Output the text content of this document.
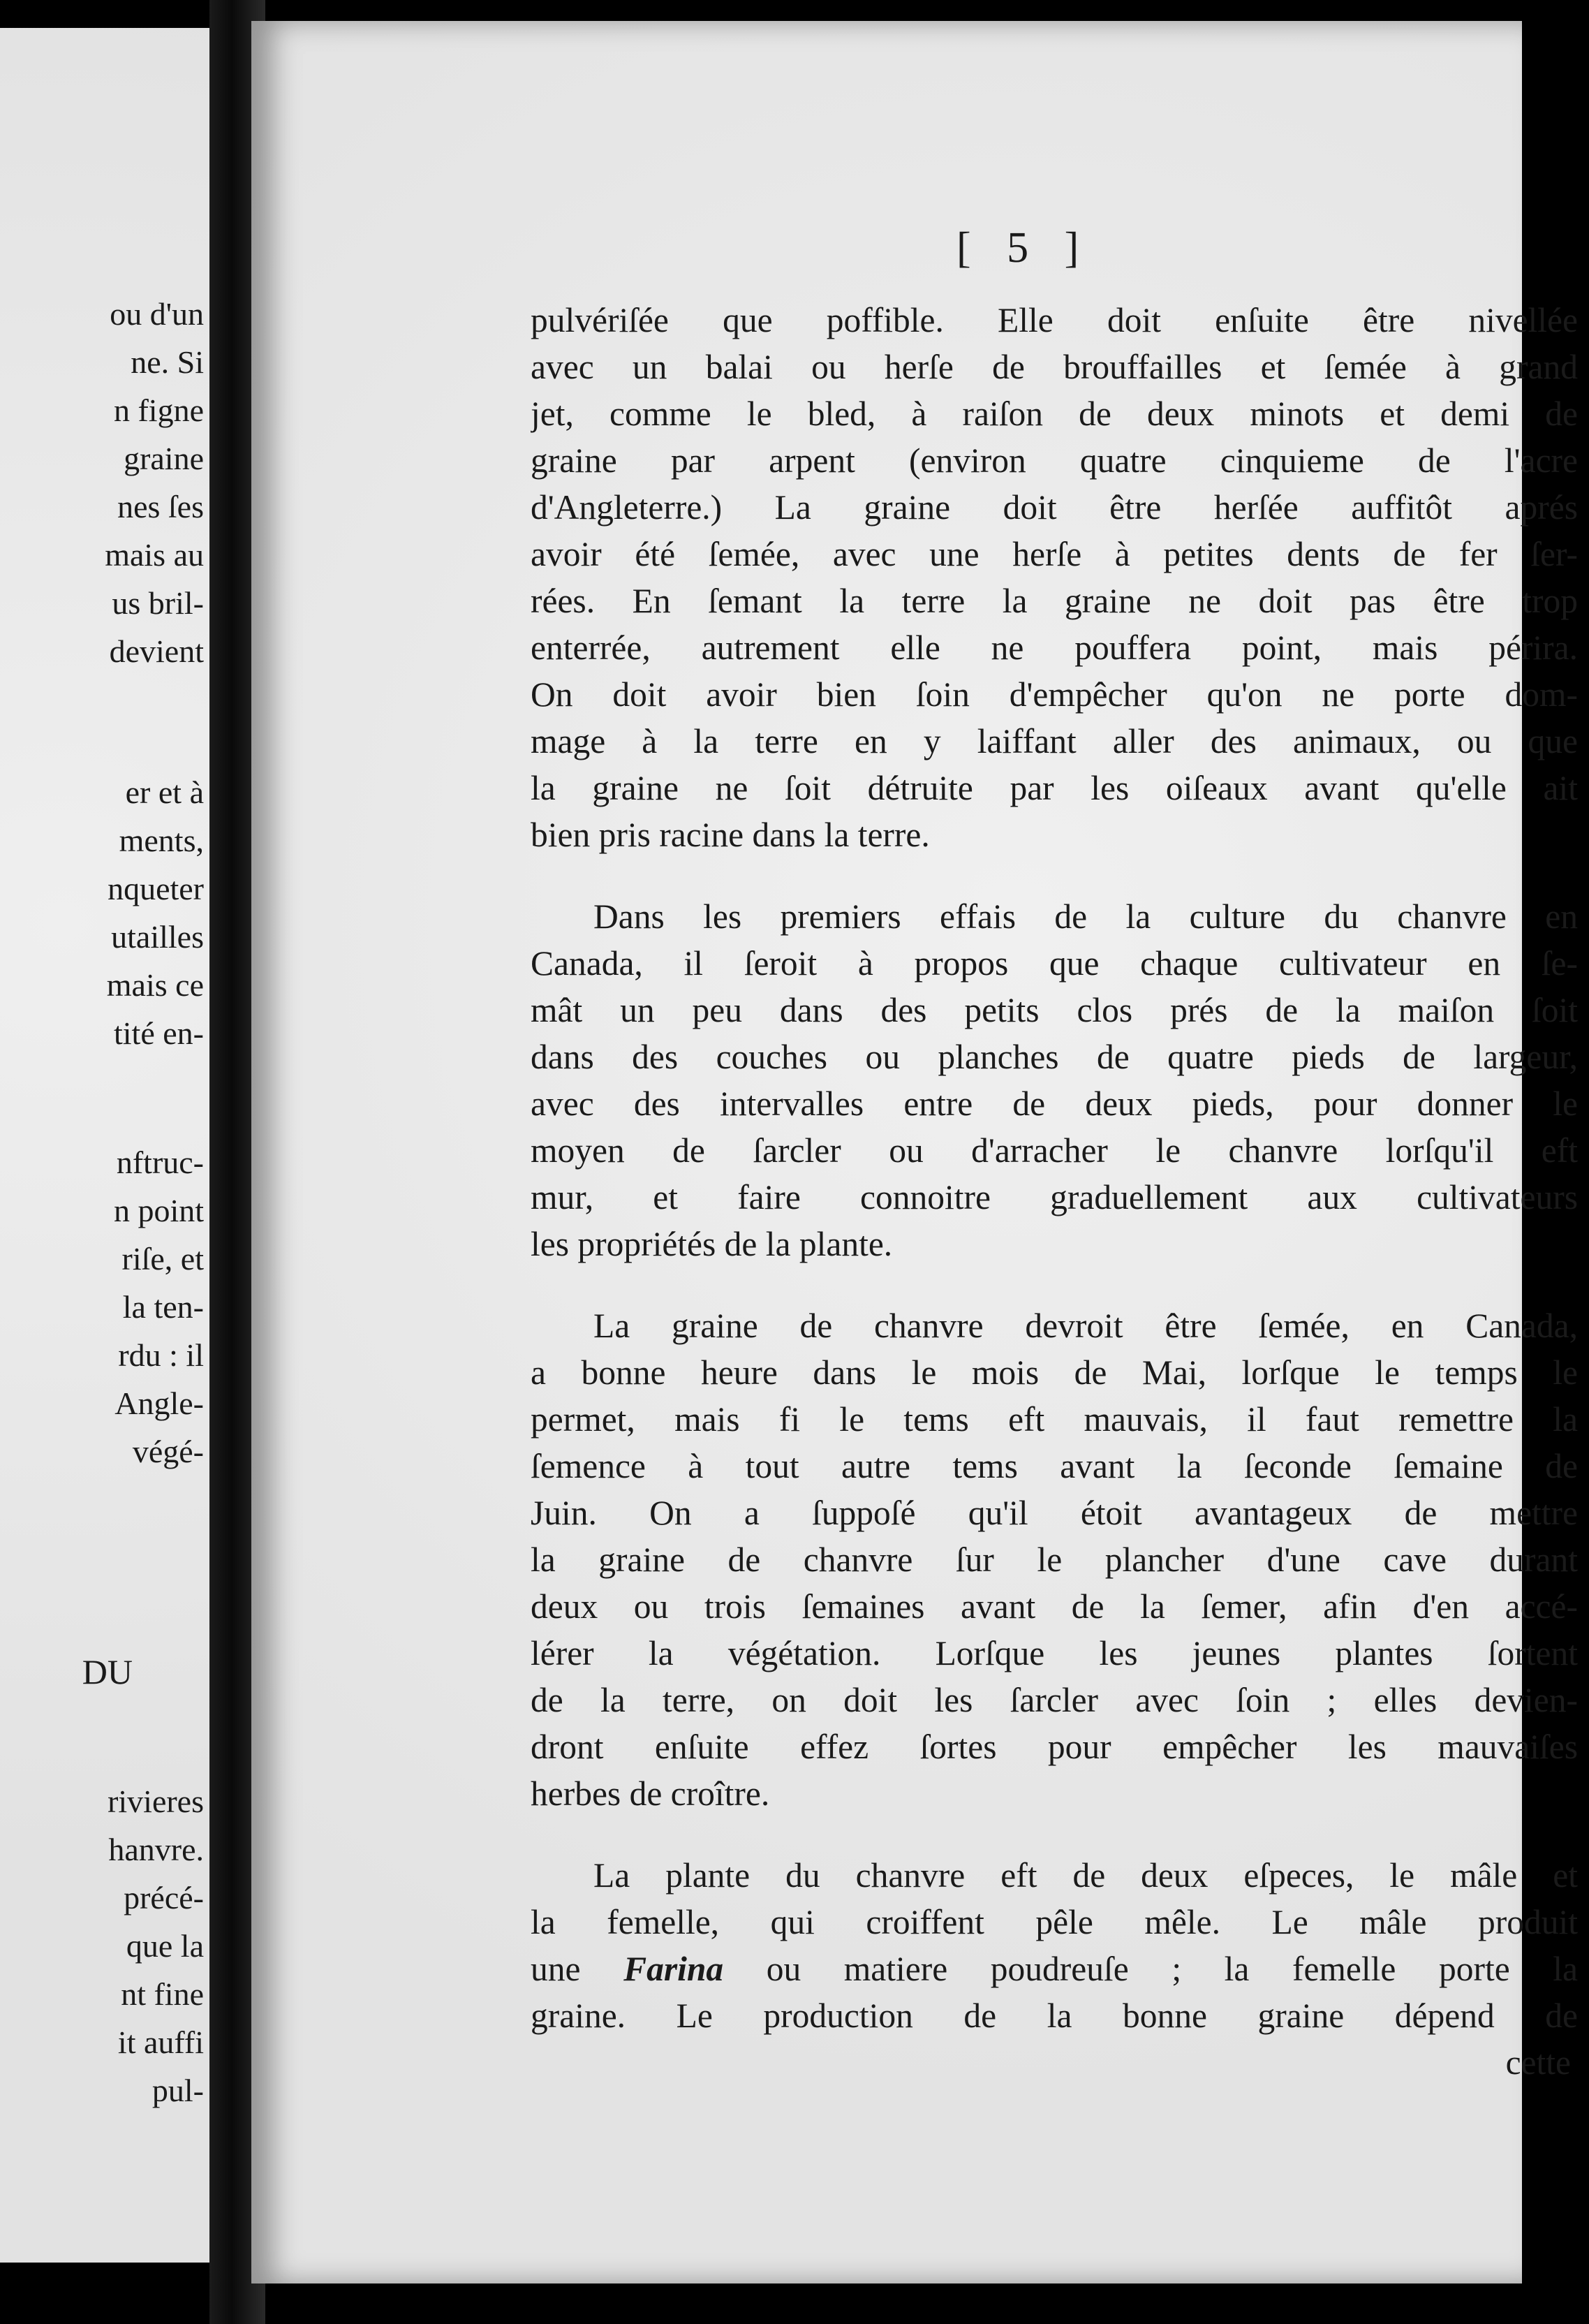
ou d'un
ne. Si
n figne
graine
nes ſes
mais au
us bril-
devient
er et à
ments,
nqueter
utailles
mais ce
tité en-
nftruc-
n point
riſe, et
la ten-
rdu : il
Angle-
végé-
DU
rivieres
hanvre.
précé-
que la
nt fine
it auffi
pul-
[ 5 ]
pulvériſée que poffible. Elle doit enſuite être nivellée
avec un balai ou herſe de brouffailles et ſemée à grand
jet, comme le bled, à raiſon de deux minots et demi de
graine par arpent (environ quatre cinquieme de l'acre
d'Angleterre.) La graine doit être herſée auffitôt aprés
avoir été ſemée, avec une herſe à petites dents de fer ſer-
rées. En ſemant la terre la graine ne doit pas être trop
enterrée, autrement elle ne pouffera point, mais périra.
On doit avoir bien ſoin d'empêcher qu'on ne porte dom-
mage à la terre en y laiffant aller des animaux, ou que
la graine ne ſoit détruite par les oiſeaux avant qu'elle ait
bien pris racine dans la terre.
Dans les premiers effais de la culture du chanvre en
Canada, il ſeroit à propos que chaque cultivateur en ſe-
mât un peu dans des petits clos prés de la maiſon ſoit
dans des couches ou planches de quatre pieds de largeur,
avec des intervalles entre de deux pieds, pour donner le
moyen de ſarcler ou d'arracher le chanvre lorſqu'il eft
mur, et faire connoitre graduellement aux cultivateurs
les propriétés de la plante.
La graine de chanvre devroit être ſemée, en Canada,
a bonne heure dans le mois de Mai, lorſque le temps le
permet, mais fi le tems eft mauvais, il faut remettre la
ſemence à tout autre tems avant la ſeconde ſemaine de
Juin. On a ſuppoſé qu'il étoit avantageux de mettre
la graine de chanvre ſur le plancher d'une cave durant
deux ou trois ſemaines avant de la ſemer, afin d'en accé-
lérer la végétation. Lorſque les jeunes plantes ſortent
de la terre, on doit les ſarcler avec ſoin ; elles devien-
dront enſuite effez ſortes pour empêcher les mauvaiſes
herbes de croître.
La plante du chanvre eft de deux eſpeces, le mâle et
la femelle, qui croiffent pêle mêle. Le mâle produit
une Farina ou matiere poudreuſe ; la femelle porte la
graine. Le production de la bonne graine dépend de
cette
